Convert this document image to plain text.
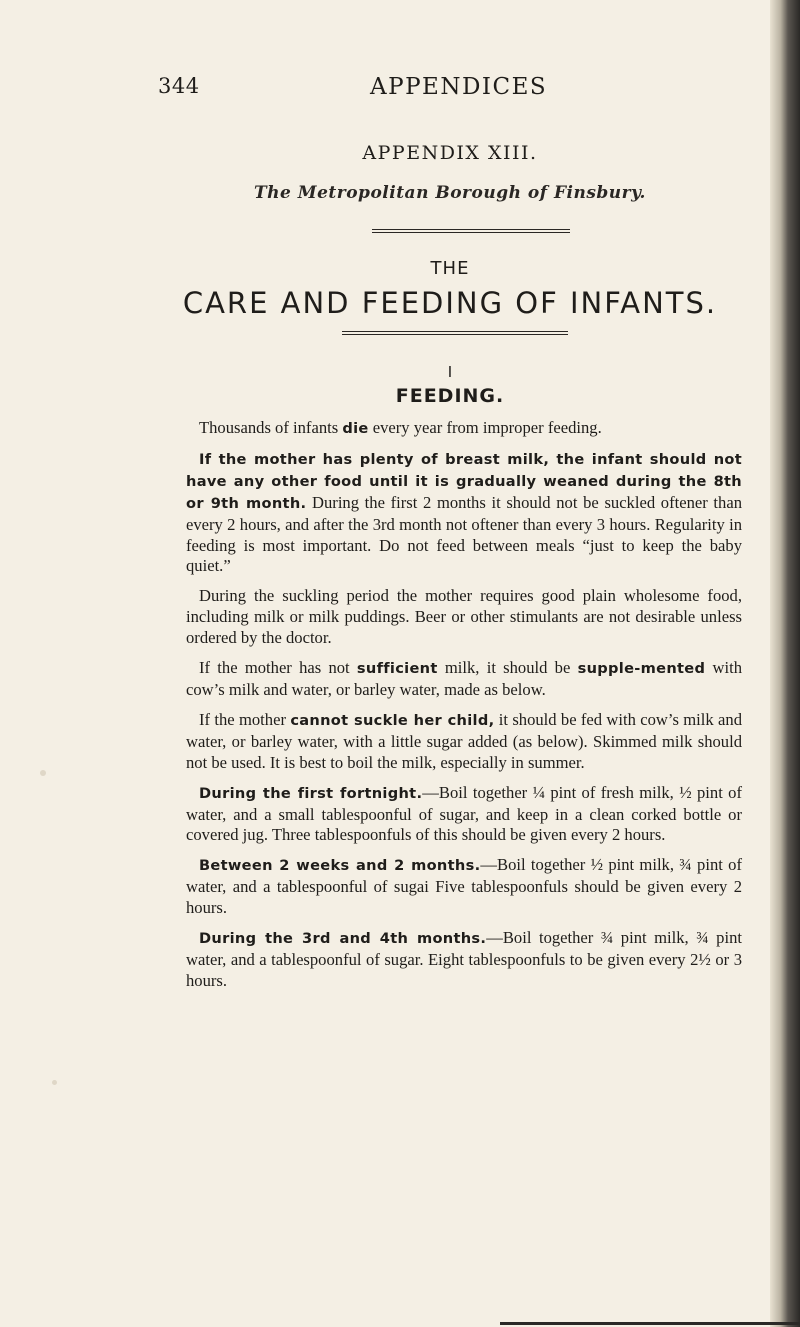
344	APPENDICES
APPENDIX XIII.
The Metropolitan Borough of Finsbury.
THE
CARE AND FEEDING OF INFANTS.
I
FEEDING.

Thousands of infants die every year from improper feeding.

If the mother has plenty of breast milk, the infant should not have any other food until it is gradually weaned during the 8th or 9th month. During the first 2 months it should not be suckled oftener than every 2 hours, and after the 3rd month not oftener than every 3 hours. Regularity in feeding is most important. Do not feed between meals “just to keep the baby quiet.”

During the suckling period the mother requires good plain wholesome food, including milk or milk puddings. Beer or other stimulants are not desirable unless ordered by the doctor.

If the mother has not sufficient milk, it should be supple‑mented with cow’s milk and water, or barley water, made as below.

If the mother cannot suckle her child, it should be fed with cow’s milk and water, or barley water, with a little sugar added (as below). Skimmed milk should not be used. It is best to boil the milk, especially in summer.

During the first fortnight.—Boil together ¼ pint of fresh milk, ½ pint of water, and a small tablespoonful of sugar, and keep in a clean corked bottle or covered jug. Three tablespoonfuls of this should be given every 2 hours.

Between 2 weeks and 2 months.—Boil together ½ pint milk, ¾ pint of water, and a tablespoonful of sugai Five tablespoonfuls should be given every 2 hours.

During the 3rd and 4th months.—Boil together ¾ pint milk, ¾ pint water, and a tablespoonful of sugar. Eight tablespoonfuls to be given every 2½ or 3 hours.
